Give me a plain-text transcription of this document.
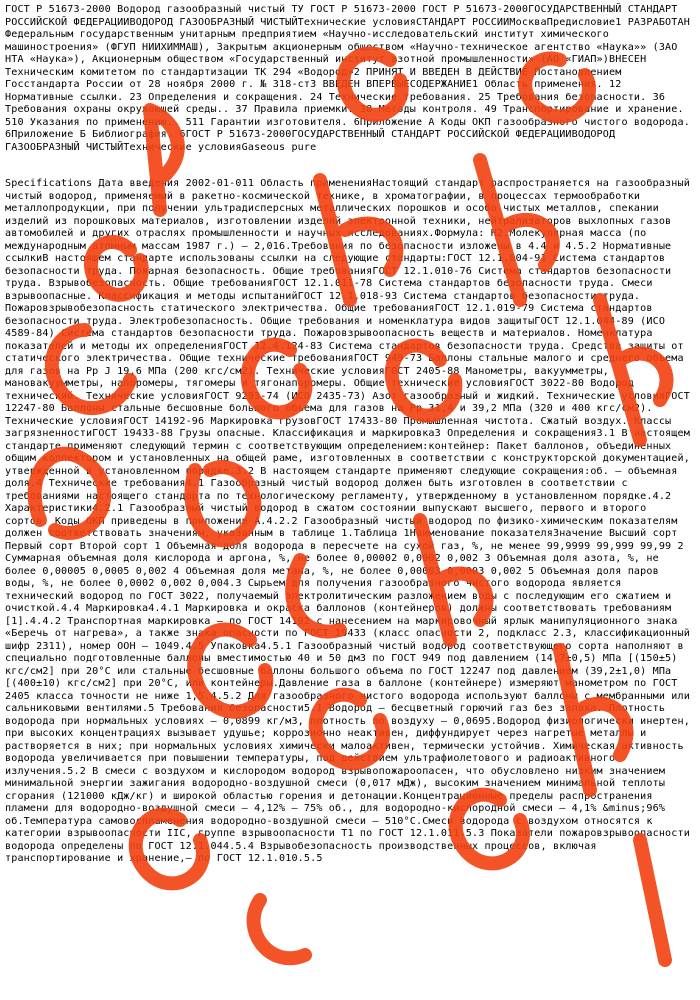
ГОСТ Р 51673-2000 Водород газообразный чистый ТУ ГОСТ Р 51673-2000 ГОСТ Р 51673-2000ГОСУДАРСТВЕННЫЙ СТАНДАРТ РОССИЙСКОЙ ФЕДЕРАЦИИВОДОРОД ГАЗООБРАЗНЫЙ ЧИСТЫЙТехнические условияСТАНДАРТ РОССИИМоскваПредисловие1 РАЗРАБОТАН Федеральным государственным унитарным предприятием «Научно-исследовательский институт химического машиностроения» (ФГУП НИИХИММАШ), Закрытым акционерным обществом «Научно-техническое агентство «Наука»» (ЗАО НТА «Наука»), Акционерным обществом «Государственный институт азотной промышленности» (АО «ГИАП»)ВНЕСЕН Техническим комитетом по стандартизации ТК 294 «Водород»2 ПРИНЯТ И ВВЕДЕН В ДЕЙСТВИЕ Постановлением Госстандарта России от 28 ноября 2000 г. № 318-ст3 ВВЕДЕН ВПЕРВЫЕСОДЕРЖАНИЕ1 Область применения. 12 Нормативные ссылки. 23 Определения и сокращения. 24 Технические требования. 25 Требования безопасности. 36 Требования охраны окружающей среды.. 37 Правила приемки. 38 Методы контроля. 49 Транспортирование и хранение. 510 Указания по применению.. 511 Гарантии изготовителя. 6Приложение А Коды ОКП газообразного чистого водорода. 6Приложение Б Библиография. 6ГОСТ Р 51673-2000ГОСУДАРСТВЕННЫЙ СТАНДАРТ РОССИЙСКОЙ ФЕДЕРАЦИИВОДОРОД ГАЗООБРАЗНЫЙ ЧИСТЫЙТехнические условияGaseous pure

Specifications Дата введения 2002-01-011 Область примененияНастоящий стандарт распространяется на газообразный чистый водород, применяемый в ракетно-космической технике, в хроматографии, в процессах термообработки металлопродукции, при получении ультрадисперсных металлических порошков и особо чистых металлов, спекании изделий из порошковых материалов, изготовлении изделий электронной техники, нейтрализаторов выхлопных газов автомобилей и других отраслях промышленности и научных исследованиях.Формула: Н2.Молекулярная масса (по международным атомным массам 1987 г.) – 2,016.Требования по безопасности изложены в 4.4 и 4.5.2 Нормативные ссылкиВ настоящем стандарте использованы ссылки на следующие стандарты:ГОСТ 12.1.004-91 Система стандартов безопасности труда. Пожарная безопасность. Общие требованияГОСТ 12.1.010-76 Система стандартов безопасности труда. Взрывобезопасность. Общие требованияГОСТ 12.1.011-78 Система стандартов безопасности труда. Смеси взрывоопасные. Классификация и методы испытанийГОСТ 12.1.018-93 Система стандартов безопасности труда. Пожаровзрывобезопасность статического электричества. Общие требованияГОСТ 12.1.019-79 Система стандартов безопасности труда. Электробезопасность. Общие требования и номенклатура видов защитыГОСТ 12.1.044-89 (ИСО 4589-84) Система стандартов безопасности труда. Пожаровзрывоопасность веществ и материалов. Номенклатура показателей и методы их определенияГОСТ 12.4.124-83 Система стандартов безопасности труда. Средства защиты от статического электричества. Общие технические требованияГОСТ 949-73 Баллоны стальные малого и среднего объема для газов на Рр Ј 19,6 МПа (200 кгс/см2). Технические условияГОСТ 2405-88 Манометры, вакуумметры, мановакуумметры, напоромеры, тягомеры и тягонапоромеры. Общие технические условияГОСТ 3022-80 Водород технический. Технические условияГОСТ 9293-74 (ИСО 2435-73) Азот газообразный и жидкий. Технические условияГОСТ 12247-80 Баллоны стальные бесшовные большого объема для газов на Рр 31,4 и 39,2 МПа (320 и 400 кгс/см2). Технические условияГОСТ 14192-96 Маркировка грузовГОСТ 17433-80 Промышленная чистота. Сжатый воздух. Классы загрязненностиГОСТ 19433-88 Грузы опасные. Классификация и маркировка3 Определения и сокращения3.1 В настоящем стандарте применяют следующий термин с соответствующим определением:контейнер: Пакет баллонов, объединенных общим коллектором и установленных на общей раме, изготовленных в соответствии с конструкторской документацией, утвержденной в установленном порядке.3.2 В настоящем стандарте применяют следующие сокращения:об. – объемная доля.4 Технические требования4.1 Газообразный чистый водород должен быть изготовлен в соответствии с требованиями настоящего стандарта по технологическому регламенту, утвержденному в установленном порядке.4.2 Характеристики4.2.1 Газообразный чистый водород в сжатом состоянии выпускают высшего, первого и второго сортов. Коды ОКП приведены в приложении А.4.2.2 Газообразный чистый водород по физико-химическим показателям должен соответствовать значениям, указанным в таблице 1.Таблица 1Наименование показателяЗначение Высший сорт Первый сорт Второй сорт 1 Объемная доля водорода в пересчете на сухой газ, %, не менее 99,9999 99,999 99,99 2 Суммарная объемная доля кислорода и аргона, %, не более 0,00002 0,0002 0,002 3 Объемная доля азота, %, не более 0,00005 0,0005 0,002 4 Объемная доля метана, %, не более 0,00003 0,0003 0,002 5 Объемная доля паров воды, %, не более 0,0002 0,002 0,004.3 Сырьем для получения газообразного чистого водорода является технический водород по ГОСТ 3022, получаемый электролитическим разложением воды с последующим его сжатием и очисткой.4.4 Маркировка4.4.1 Маркировка и окраска баллонов (контейнеров) должны соответствовать требованиям [1].4.4.2 Транспортная маркировка – по ГОСТ 14192 с нанесением на маркировочный ярлык манипуляционного знака «Беречь от нагрева», а также знака опасности по ГОСТ 19433 (класс опасности 2, подкласс 2.3, классификационный шифр 2311), номер ООН – 1049.4.5 Упаковка4.5.1 Газообразный чистый водород соответствующего сорта наполняют в специально подготовленные баллоны вместимостью 40 и 50 дм3 по ГОСТ 949 под давлением (14,7±0,5) МПа [(150±5) кгс/см2] при 20°С или стальные бесшовные баллоны большого объема по ГОСТ 12247 под давлением (39,2±1,0) МПа [(400±10) кгс/см2] при 20°С, или контейнеры.Давление газа в баллоне (контейнере) измеряют манометром по ГОСТ 2405 класса точности не ниже 1,5.4.5.2 Для газообразного чистого водорода используют баллоны с мембранными или сальниковыми вентилями.5 Требования безопасности5.1 Водород – бесцветный горючий газ без запаха. Плотность водорода при нормальных условиях – 0,0899 кг/м3, плотность по воздуху – 0,0695.Водород физиологически инертен, при высоких концентрациях вызывает удушье; коррозионно неактивен, диффундирует через нагретые металлы и растворяется в них; при нормальных условиях химически малоактивен, термически устойчив. Химическая активность водорода увеличивается при повышении температуры, под действием ультрафиолетового и радиоактивного излучения.5.2 В смеси с воздухом и кислородом водород взрывопожароопасен, что обусловлено низким значением минимальной энергии зажигания водородно-воздушной смеси (0,017 мДж), высоким значением минимальной теплоты сгорания (121000 кДж/кг) и широкой областью горения и детонации.Концентрационные пределы распространения пламени для водородно-воздушной смеси – 4,12% – 75% об., для водородно-кислородной смеси – 4,1% &minus;96% об.Температура самовоспламенения водородно-воздушной смеси – 510°С.Смеси водорода с воздухом относятся к категории взрывоопасности IIC, группе взрывоопасности Т1 по ГОСТ 12.1.011.5.3 Показатели пожаровзрывоопасности водорода определены по ГОСТ 12.1.044.5.4 Взрывобезопасность производственных процессов, включая транспортирование и хранение,– по ГОСТ 12.1.010.5.5
